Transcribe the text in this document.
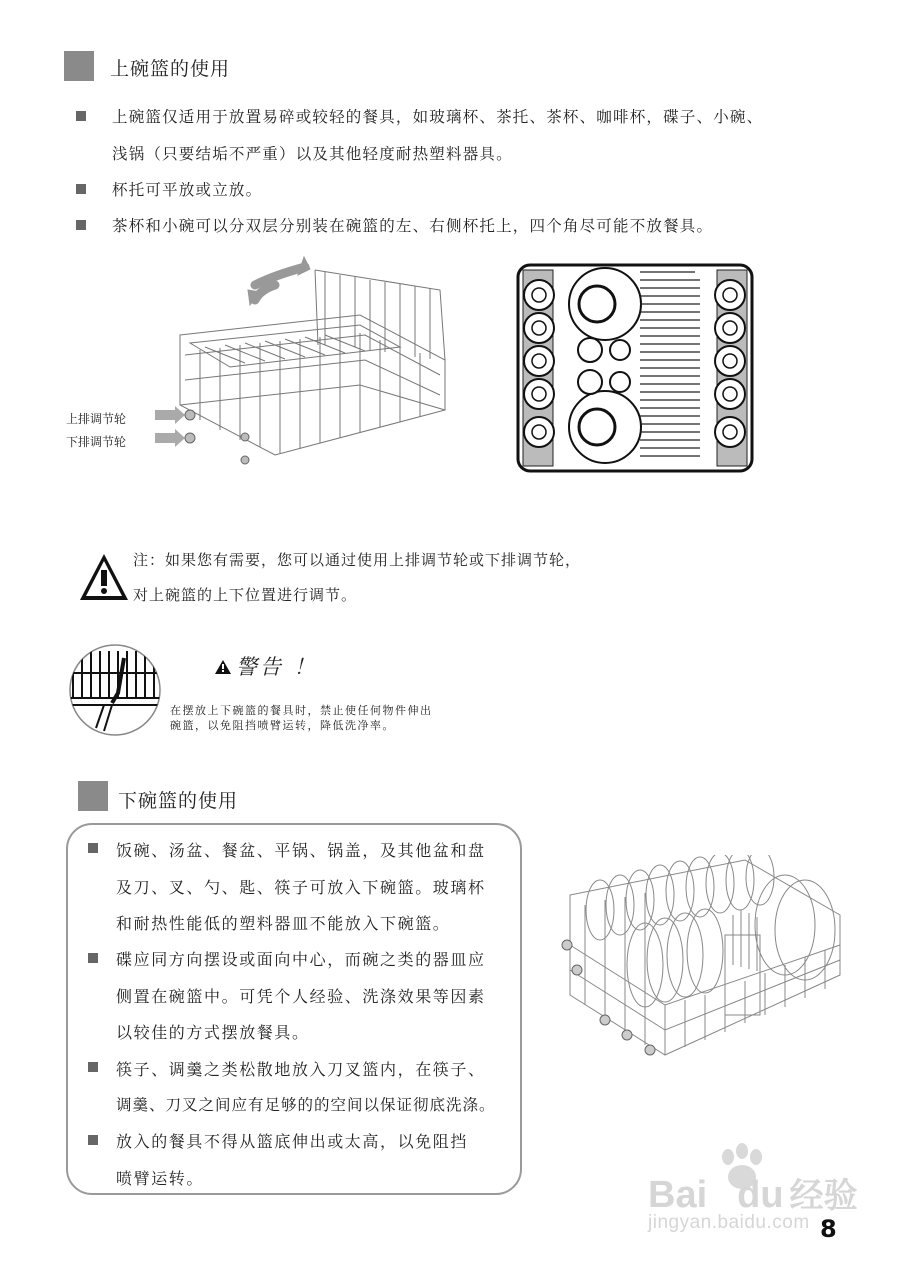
上碗篮的使用
上碗篮仅适用于放置易碎或较轻的餐具，如玻璃杯、茶托、茶杯、咖啡杯，碟子、小碗、
浅锅（只要结垢不严重）以及其他轻度耐热塑料器具。
杯托可平放或立放。
茶杯和小碗可以分双层分别装在碗篮的左、右侧杯托上，四个角尽可能不放餐具。
上排调节轮
下排调节轮
注：如果您有需要，您可以通过使用上排调节轮或下排调节轮，
对上碗篮的上下位置进行调节。
警告 ！
在摆放上下碗篮的餐具时，禁止使任何物件伸出
碗篮，以免阻挡喷臂运转，降低洗净率。
下碗篮的使用
饭碗、汤盆、餐盆、平锅、锅盖，及其他盆和盘
及刀、叉、勺、匙、筷子可放入下碗篮。玻璃杯
和耐热性能低的塑料器皿不能放入下碗篮。
碟应同方向摆设或面向中心，而碗之类的器皿应
侧置在碗篮中。可凭个人经验、洗涤效果等因素
以较佳的方式摆放餐具。
筷子、调羹之类松散地放入刀叉篮内，在筷子、
调羹、刀叉之间应有足够的的空间以保证彻底洗涤。
放入的餐具不得从篮底伸出或太高，以免阻挡
喷臂运转。	Bai du 经验
jingyan.baidu.com 8
